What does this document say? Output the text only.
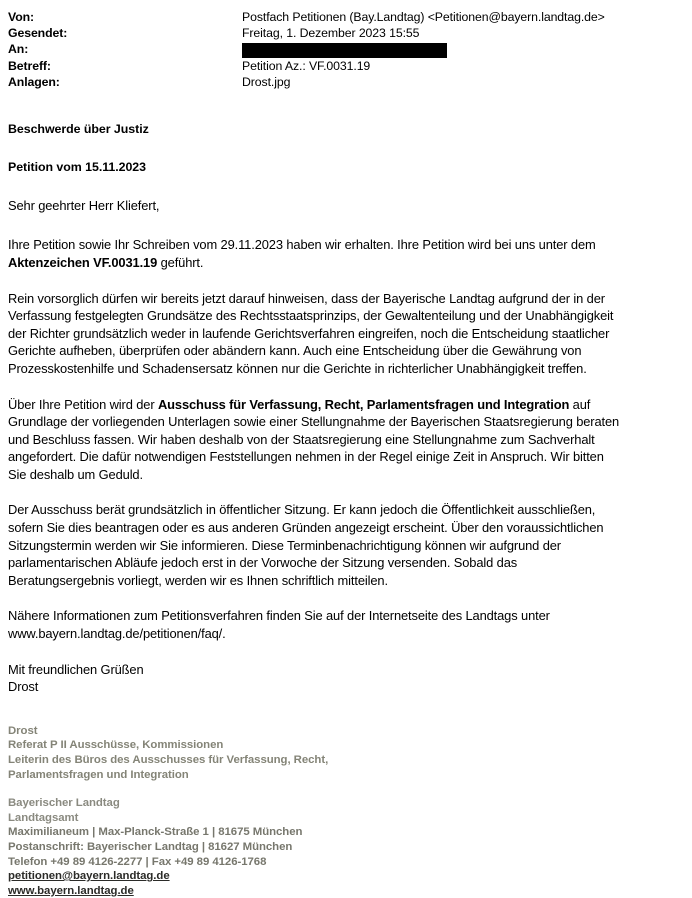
Von:	Postfach Petitionen (Bay.Landtag) <Petitionen@bayern.landtag.de>
Gesendet:	Freitag, 1. Dezember 2023 15:55
An:
Betreff:	Petition Az.: VF.0031.19
Anlagen:	Drost.jpg
Beschwerde über Justiz
Petition vom 15.11.2023
Sehr geehrter Herr Kliefert,

Ihre Petition sowie Ihr Schreiben vom 29.11.2023 haben wir erhalten. Ihre Petition wird bei uns unter dem Aktenzeichen VF.0031.19 geführt.

Rein vorsorglich dürfen wir bereits jetzt darauf hinweisen, dass der Bayerische Landtag aufgrund der in der Verfassung festgelegten Grundsätze des Rechtsstaatsprinzips, der Gewaltenteilung und der Unabhängigkeit der Richter grundsätzlich weder in laufende Gerichtsverfahren eingreifen, noch die Entscheidung staatlicher Gerichte aufheben, überprüfen oder abändern kann. Auch eine Entscheidung über die Gewährung von Prozesskostenhilfe und Schadensersatz können nur die Gerichte in richterlicher Unabhängigkeit treffen.

Über Ihre Petition wird der Ausschuss für Verfassung, Recht, Parlamentsfragen und Integration auf Grundlage der vorliegenden Unterlagen sowie einer Stellungnahme der Bayerischen Staatsregierung beraten und Beschluss fassen. Wir haben deshalb von der Staatsregierung eine Stellungnahme zum Sachverhalt angefordert. Die dafür notwendigen Feststellungen nehmen in der Regel einige Zeit in Anspruch. Wir bitten Sie deshalb um Geduld.

Der Ausschuss berät grundsätzlich in öffentlicher Sitzung. Er kann jedoch die Öffentlichkeit ausschließen, sofern Sie dies beantragen oder es aus anderen Gründen angezeigt erscheint. Über den voraussichtlichen Sitzungstermin werden wir Sie informieren. Diese Terminbenachrichtigung können wir aufgrund der parlamentarischen Abläufe jedoch erst in der Vorwoche der Sitzung versenden. Sobald das Beratungsergebnis vorliegt, werden wir es Ihnen schriftlich mitteilen.

Nähere Informationen zum Petitionsverfahren finden Sie auf der Internetseite des Landtags unter www.bayern.landtag.de/petitionen/faq/.

Mit freundlichen Grüßen
Drost
Drost
Referat P II Ausschüsse, Kommissionen
Leiterin des Büros des Ausschusses für Verfassung, Recht,
Parlamentsfragen und Integration
Bayerischer Landtag
Landtagsamt
Maximilianeum | Max-Planck-Straße 1 | 81675 München
Postanschrift: Bayerischer Landtag | 81627 München
Telefon +49 89 4126-2277 | Fax +49 89 4126-1768
petitionen@bayern.landtag.de
www.bayern.landtag.de
